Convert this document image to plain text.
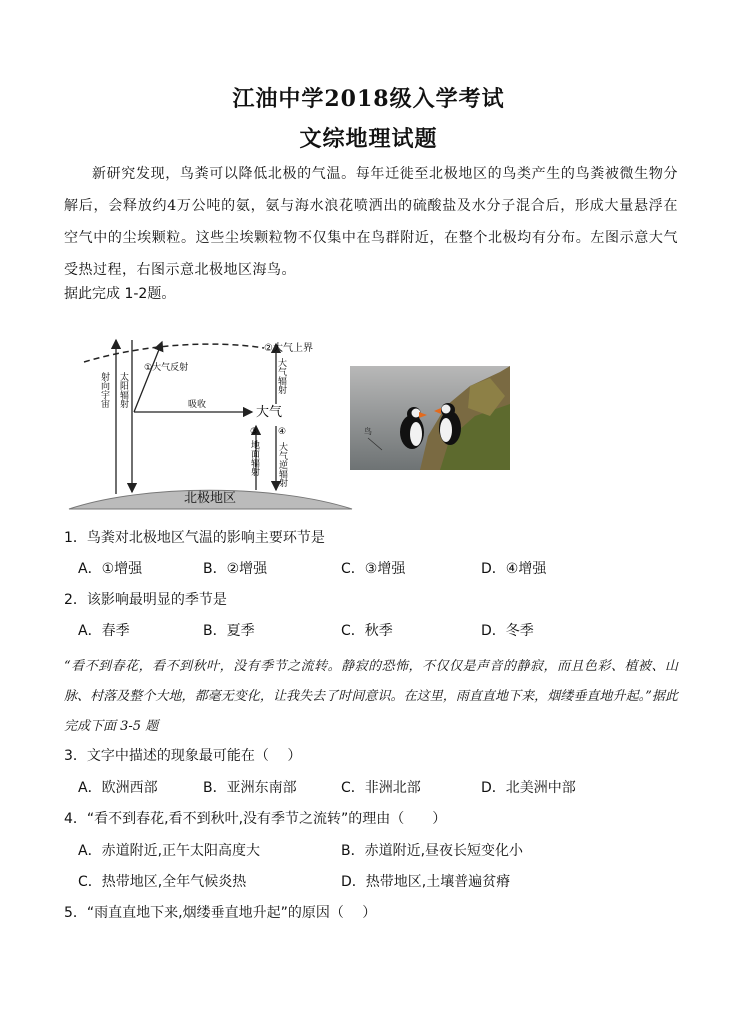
江油中学2018级入学考试
文综地理试题
新研究发现，鸟粪可以降低北极的气温。每年迁徙至北极地区的鸟类产生的鸟粪被微生物分解后，会释放约4万公吨的氨，氨与海水浪花喷洒出的硫酸盐及水分子混合后，形成大量悬浮在空气中的尘埃颗粒。这些尘埃颗粒物不仅集中在鸟群附近，在整个北极均有分布。左图示意大气受热过程，右图示意北极地区海鸟。
据此完成 1-2题。
北极地区
射向宇宙 太阳辐射
①大气反射
吸收	大气
②大气上界
大气辐射
③
地面辐射
④
大气逆辐射
鸟
1．鸟粪对北极地区气温的影响主要环节是
A．①增强	B．②增强	C．③增强	D．④增强
2．该影响最明显的季节是
A．春季	B．夏季	C．秋季	D．冬季
“看不到春花，看不到秋叶，没有季节之流转。静寂的恐怖，不仅仅是声音的静寂，而且色彩、植被、山脉、村落及整个大地，都毫无变化，让我失去了时间意识。在这里，雨直直地下来，烟缕垂直地升起。”据此完成下面 3-5 题
3．文字中描述的现象最可能在（　 ）
A．欧洲西部	B．亚洲东南部	C．非洲北部	D．北美洲中部
4．“看不到春花,看不到秋叶,没有季节之流转”的理由（　　）
A．赤道附近,正午太阳高度大	B．赤道附近,昼夜长短变化小
C．热带地区,全年气候炎热	D．热带地区,土壤普遍贫瘠
5．“雨直直地下来,烟缕垂直地升起”的原因（　 ）
